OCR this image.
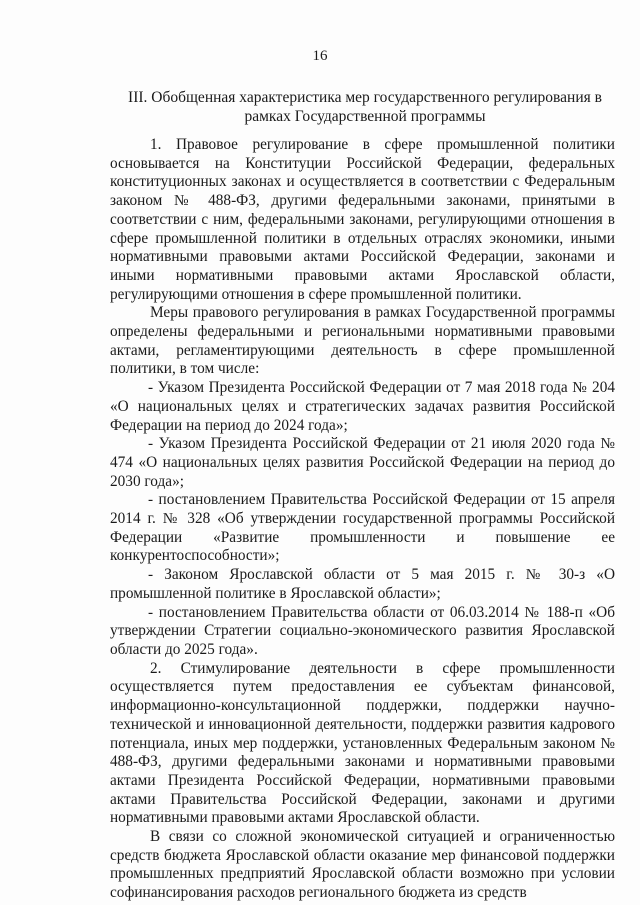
16
III. Обобщенная характеристика мер государственного регулирования в рамках Государственной программы

1. Правовое регулирование в сфере промышленной политики основывается на Конституции Российской Федерации, федеральных конституционных законах и осуществляется в соответствии с Федеральным законом № 488-ФЗ, другими федеральными законами, принятыми в соответствии с ним, федеральными законами, регулирующими отношения в сфере промышленной политики в отдельных отраслях экономики, иными нормативными правовыми актами Российской Федерации, законами и иными нормативными правовыми актами Ярославской области, регулирующими отношения в сфере промышленной политики.

Меры правового регулирования в рамках Государственной программы определены федеральными и региональными нормативными правовыми актами, регламентирующими деятельность в сфере промышленной политики, в том числе:

- Указом Президента Российской Федерации от 7 мая 2018 года № 204 «О национальных целях и стратегических задачах развития Российской Федерации на период до 2024 года»;

- Указом Президента Российской Федерации от 21 июля 2020 года № 474 «О национальных целях развития Российской Федерации на период до 2030 года»;

- постановлением Правительства Российской Федерации от 15 апреля 2014 г. № 328 «Об утверждении государственной программы Российской Федерации «Развитие промышленности и повышение ее конкурентоспособности»;

- Законом Ярославской области от 5 мая 2015 г. № 30-з «О промышленной политике в Ярославской области»;

- постановлением Правительства области от 06.03.2014 № 188-п «Об утверждении Стратегии социально-экономического развития Ярославской области до 2025 года».

2. Стимулирование деятельности в сфере промышленности осуществляется путем предоставления ее субъектам финансовой, информационно-консультационной поддержки, поддержки научно-технической и инновационной деятельности, поддержки развития кадрового потенциала, иных мер поддержки, установленных Федеральным законом № 488-ФЗ, другими федеральными законами и нормативными правовыми актами Президента Российской Федерации, нормативными правовыми актами Правительства Российской Федерации, законами и другими нормативными правовыми актами Ярославской области.

В связи со сложной экономической ситуацией и ограниченностью средств бюджета Ярославской области оказание мер финансовой поддержки промышленных предприятий Ярославской области возможно при условии софинансирования расходов регионального бюджета из средств
